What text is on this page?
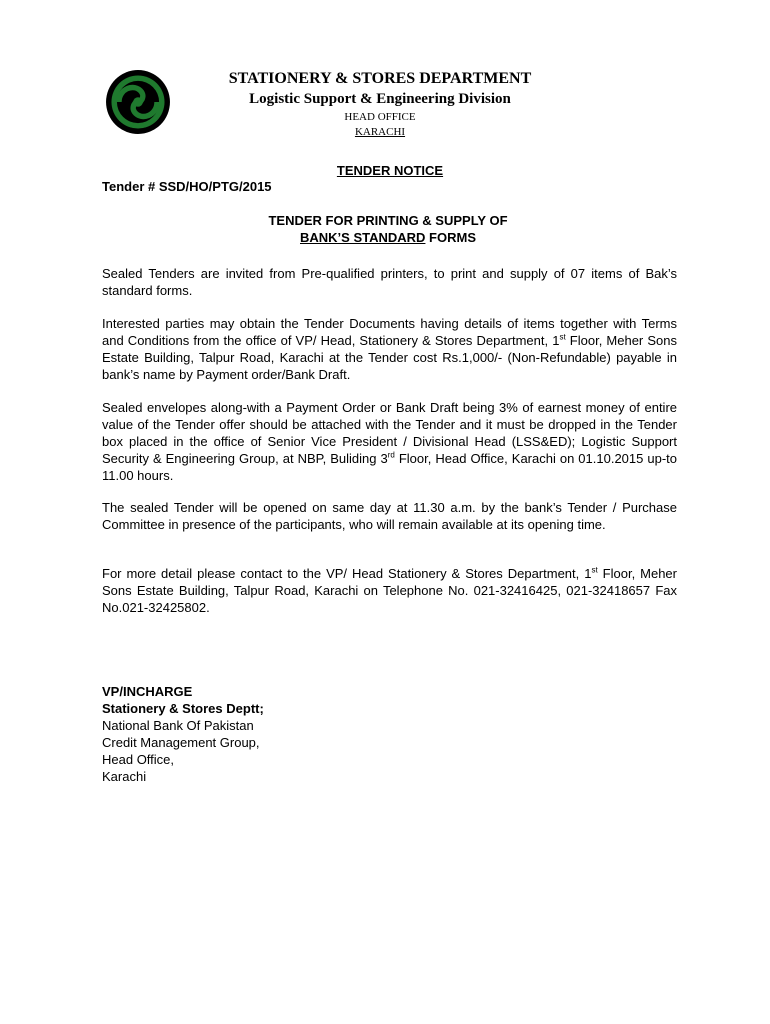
STATIONERY & STORES DEPARTMENT
Logistic Support & Engineering Division
HEAD OFFICE
KARACHI
TENDER NOTICE
Tender # SSD/HO/PTG/2015
TENDER FOR PRINTING & SUPPLY OF
BANK’S STANDARD FORMS

Sealed Tenders are invited from Pre-qualified printers, to print and supply of 07 items of Bak’s standard forms.

Interested parties may obtain the Tender Documents having details of items together with Terms and Conditions from the office of VP/ Head, Stationery & Stores Department, 1st Floor, Meher Sons Estate Building, Talpur Road, Karachi at the Tender cost Rs.1,000/- (Non-Refundable) payable in bank’s name by Payment order/Bank Draft.

Sealed envelopes along-with a Payment Order or Bank Draft being 3% of earnest money of entire value of the Tender offer should be attached with the Tender and it must be dropped in the Tender box placed in the office of Senior Vice President / Divisional Head (LSS&ED); Logistic Support Security & Engineering Group, at NBP, Buliding 3rd Floor, Head Office, Karachi on 01.10.2015 up-to 11.00 hours.

The sealed Tender will be opened on same day at 11.30 a.m. by the bank’s Tender / Purchase Committee in presence of the participants, who will remain available at its opening time.

For more detail please contact to the VP/ Head Stationery & Stores Department, 1st Floor, Meher Sons Estate Building, Talpur Road, Karachi on Telephone No. 021-32416425, 021-32418657 Fax No.021-32425802.

VP/INCHARGE
Stationery & Stores Deptt;
National Bank Of Pakistan
Credit Management Group,
Head Office,
Karachi
